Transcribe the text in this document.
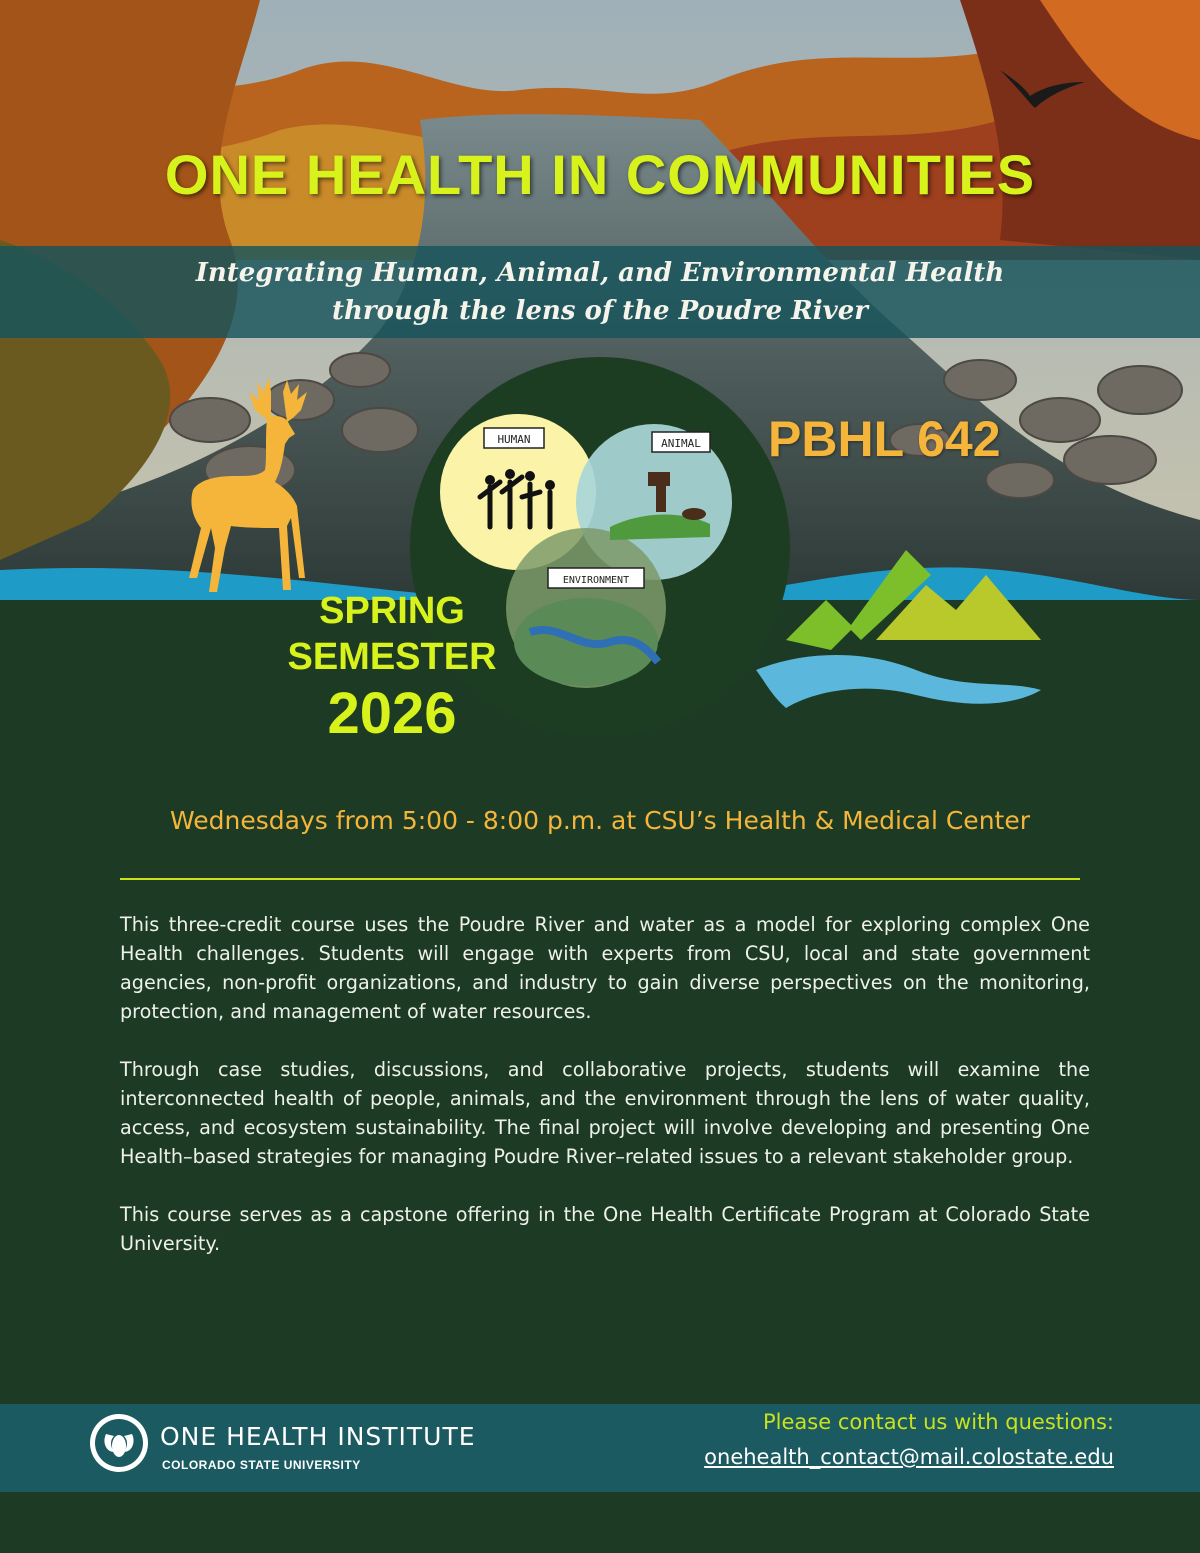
ONE HEALTH IN COMMUNITIES
Integrating Human, Animal, and Environmental Health
through the lens of the Poudre River
HUMAN	ANIMAL
ENVIRONMENT
PBHL 642
SPRING
SEMESTER
2026
Wednesdays from 5:00 - 8:00 p.m. at CSU’s Health & Medical Center

This three-credit course uses the Poudre River and water as a model for exploring complex One Health challenges. Students will engage with experts from CSU, local and state government agencies, non-profit organizations, and industry to gain diverse perspectives on the monitoring, protection, and management of water resources.

Through case studies, discussions, and collaborative projects, students will examine the interconnected health of people, animals, and the environment through the lens of water quality, access, and ecosystem sustainability. The final project will involve developing and presenting One Health–based strategies for managing Poudre River–related issues to a relevant stakeholder group.

This course serves as a capstone offering in the One Health Certificate Program at Colorado State University.

ONE HEALTH INSTITUTE
COLORADO STATE UNIVERSITY
Please contact us with questions:
onehealth_contact@mail.colostate.edu
